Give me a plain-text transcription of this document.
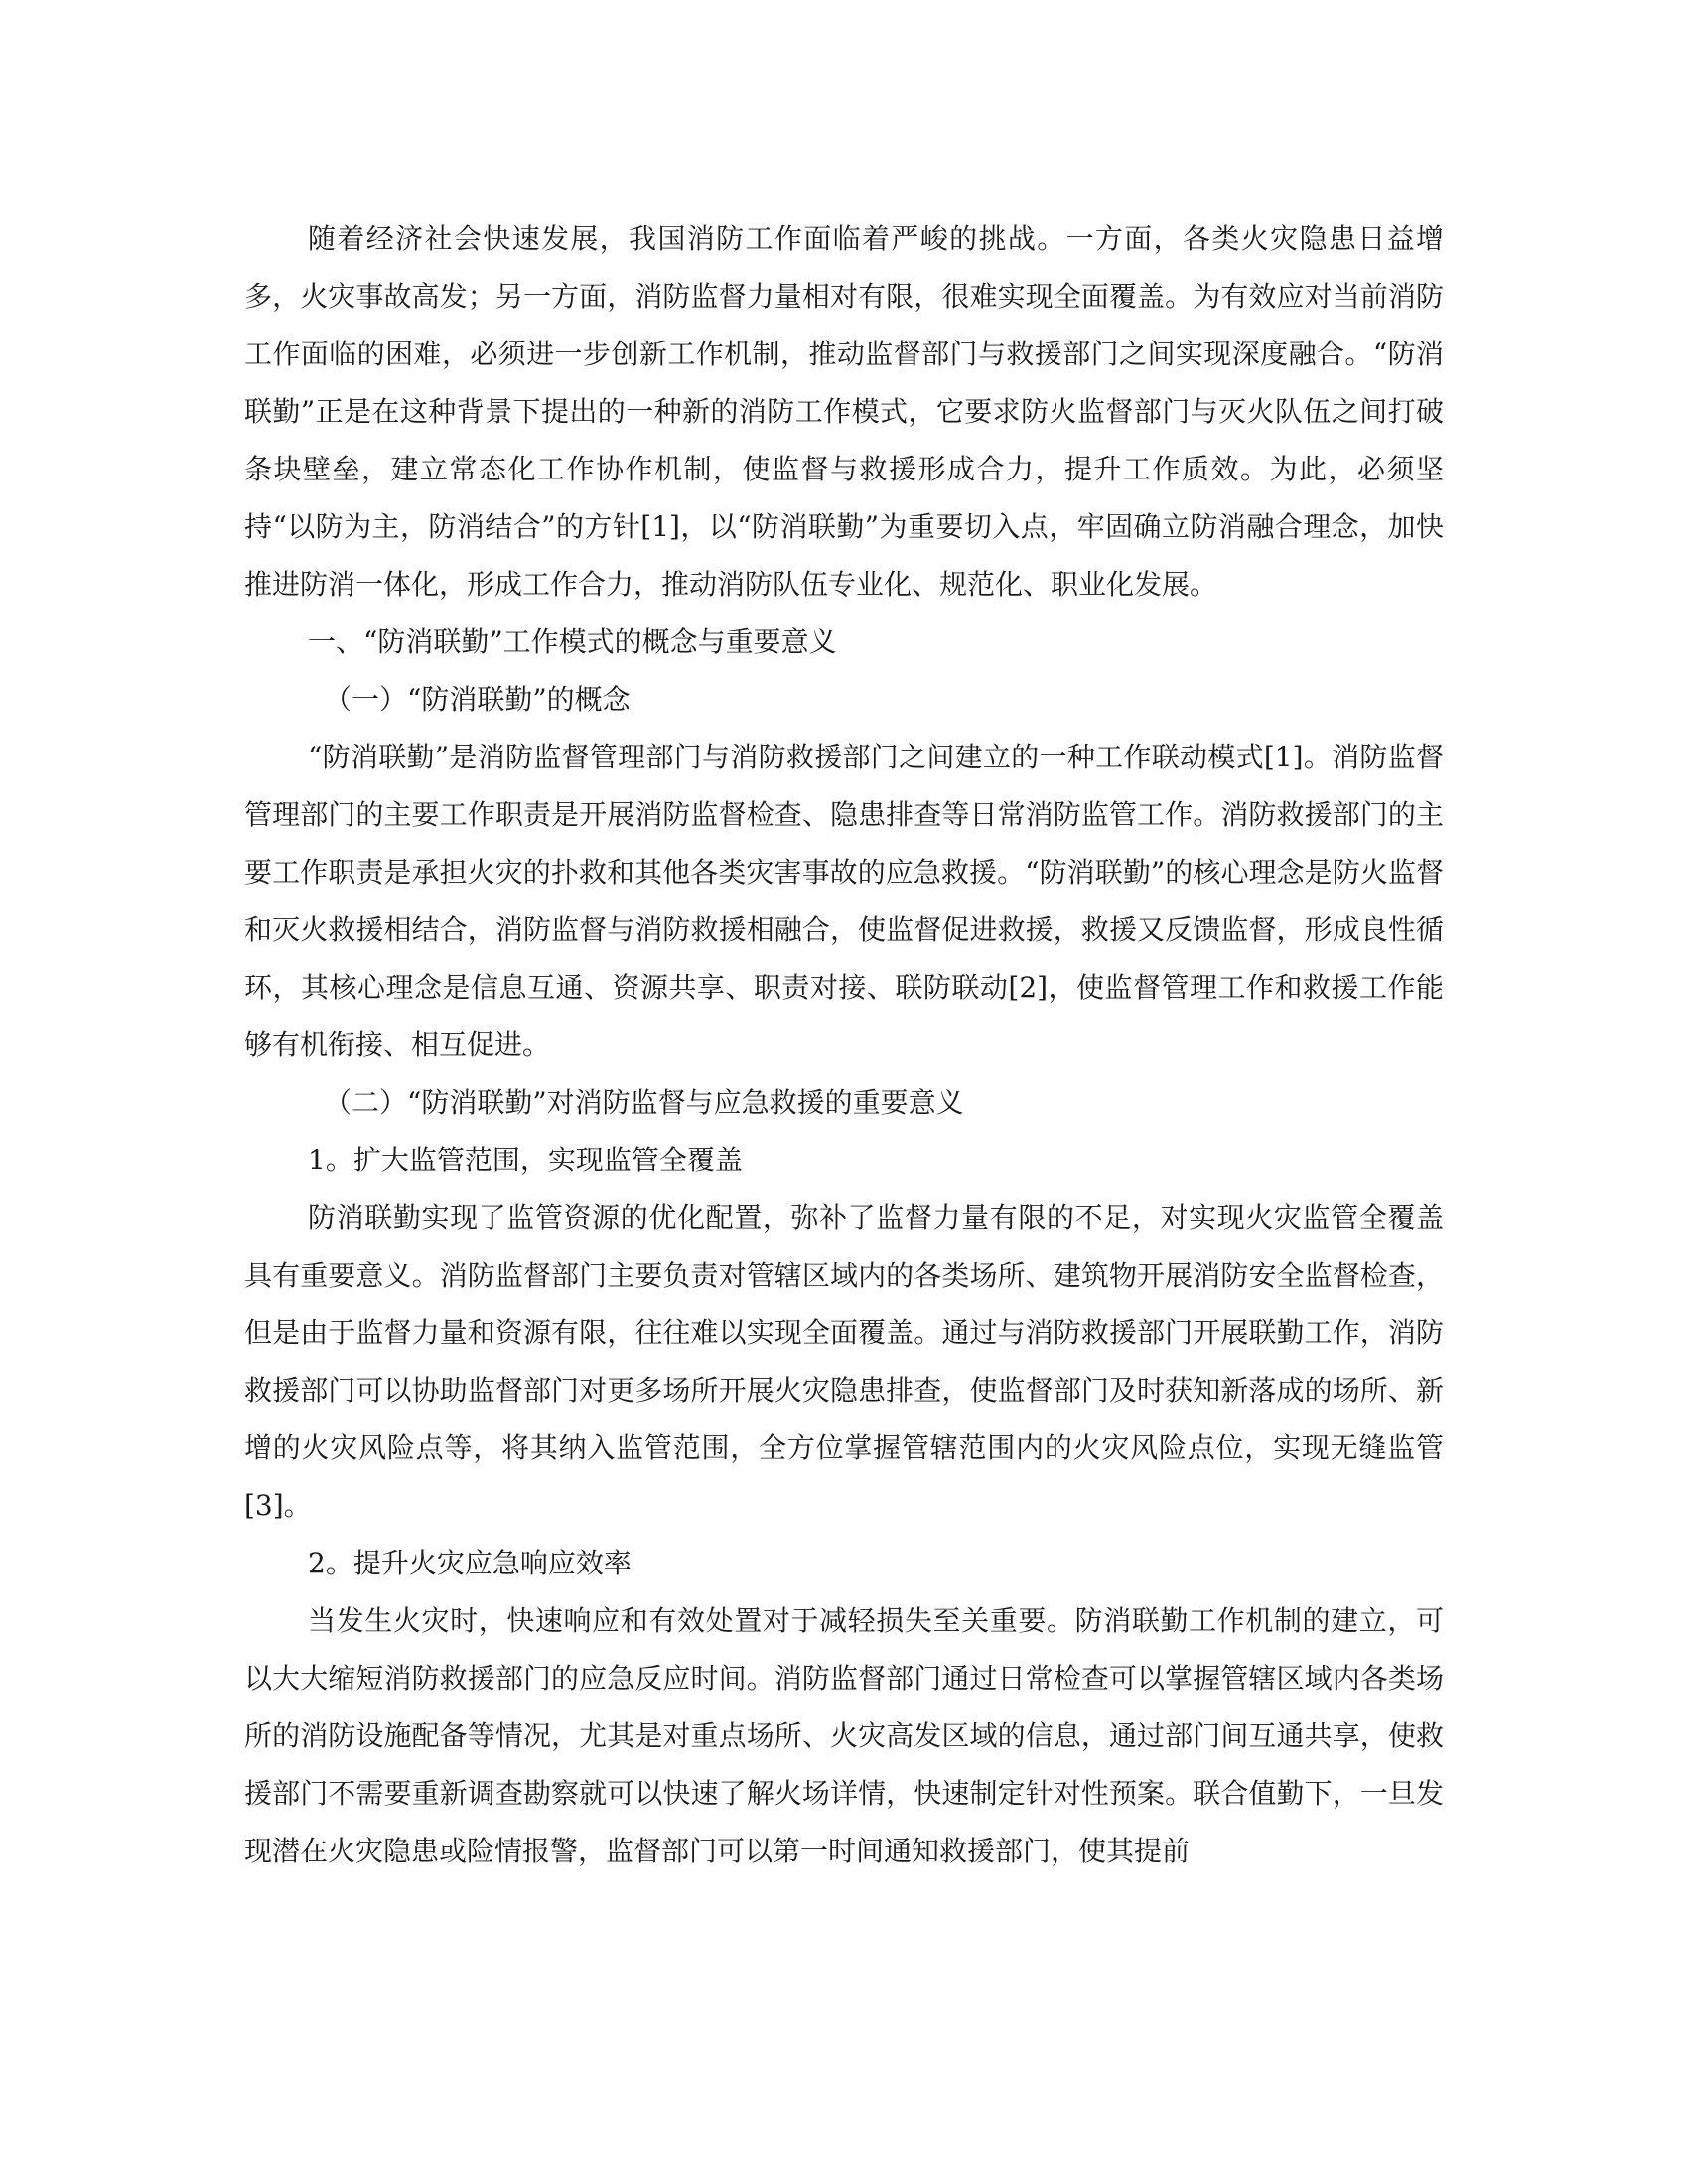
随着经济社会快速发展，我国消防工作面临着严峻的挑战。一方面，各类火灾隐患日益增多，火灾事故高发；另一方面，消防监督力量相对有限，很难实现全面覆盖。为有效应对当前消防工作面临的困难，必须进一步创新工作机制，推动监督部门与救援部门之间实现深度融合。“防消联勤”正是在这种背景下提出的一种新的消防工作模式，它要求防火监督部门与灭火队伍之间打破条块壁垒，建立常态化工作协作机制，使监督与救援形成合力，提升工作质效。为此，必须坚持“以防为主，防消结合”的方针[1]，以“防消联勤”为重要切入点，牢固确立防消融合理念，加快推进防消一体化，形成工作合力，推动消防队伍专业化、规范化、职业化发展。

一、“防消联勤”工作模式的概念与重要意义

（一）“防消联勤”的概念

“防消联勤”是消防监督管理部门与消防救援部门之间建立的一种工作联动模式[1]。消防监督管理部门的主要工作职责是开展消防监督检查、隐患排查等日常消防监管工作。消防救援部门的主要工作职责是承担火灾的扑救和其他各类灾害事故的应急救援。“防消联勤”的核心理念是防火监督和灭火救援相结合，消防监督与消防救援相融合，使监督促进救援，救援又反馈监督，形成良性循环，其核心理念是信息互通、资源共享、职责对接、联防联动[2]，使监督管理工作和救援工作能够有机衔接、相互促进。

（二）“防消联勤”对消防监督与应急救援的重要意义

1。扩大监管范围，实现监管全覆盖

防消联勤实现了监管资源的优化配置，弥补了监督力量有限的不足，对实现火灾监管全覆盖具有重要意义。消防监督部门主要负责对管辖区域内的各类场所、建筑物开展消防安全监督检查，但是由于监督力量和资源有限，往往难以实现全面覆盖。通过与消防救援部门开展联勤工作，消防救援部门可以协助监督部门对更多场所开展火灾隐患排查，使监督部门及时获知新落成的场所、新增的火灾风险点等，将其纳入监管范围，全方位掌握管辖范围内的火灾风险点位，实现无缝监管[3]。

2。提升火灾应急响应效率

当发生火灾时，快速响应和有效处置对于减轻损失至关重要。防消联勤工作机制的建立，可以大大缩短消防救援部门的应急反应时间。消防监督部门通过日常检查可以掌握管辖区域内各类场所的消防设施配备等情况，尤其是对重点场所、火灾高发区域的信息，通过部门间互通共享，使救援部门不需要重新调查勘察就可以快速了解火场详情，快速制定针对性预案。联合值勤下，一旦发现潜在火灾隐患或险情报警，监督部门可以第一时间通知救援部门，使其提前
